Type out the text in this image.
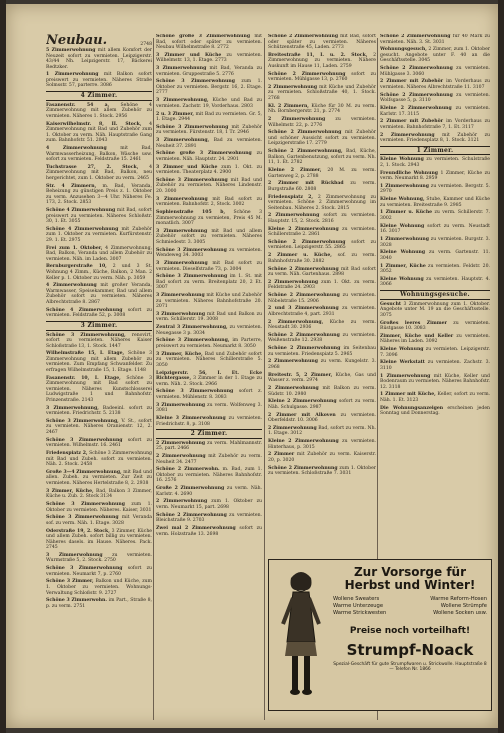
Neubau.	2748
5 Zimmerwohnung mit allem Komfort der Neuzeit sofort zu vermieten. Leipzigerstr. 43/44 Nh. Leipzigerstr. 17, Bäckerei Redtzker.
1 Zimmerwohnung mit Balkon sofort preiswert zu vermieten. Näheres Straße Solmsstr. 57, parterre. 3086
4 Zimmer.
Fasanenstr. 54 a, Sehöne 4 Zimmerwohnung mit allem Zubehör zu vermieten. Näheres 1. Stock. 2956
Kaiserwilhelmstr. 8, II. Stock, 4 Zimmerwohnung mit Bad und Zubehör zum 1. Oktober zu verm. Näh. Hauptstraße Gang zum. Bahnhofstr. 51. 2043
4 Zimmerwohnung mit Bad, Warmwasserheizung, Balkon, Wäsche usw. sofort zu vermieten. Feldstraße 15. 2461
Tuchstrasse 27, 2. Stock, 4 Zimmerwohnung mit Bad, Balkon, neu hergerichtet, zum 1. Oktober zu verm. 2465
Str. 4 Zimmern, m. Bad, Veranda, Beheizung zu günstigen Preis z. 1. Oktober zu verm. Anzusehen 3—4 Uhr. Näheres Fe. 173, 2. Stock. 2853
Schöne 4 Zimmerwohnung mit Bad, sofort preiswert zu vermieten. Näheres Schloßstr. 30, 1. Et. 3055
Schöne 4 Zimmerwohnung mit Zubehör zum 1. Oktober zu vermieten. Kurfürstenstr. 29. 1. Et. 2975
Frei zum 1. Oktober, 4 Zimmerwohnung, Bad, Balkon, Veranda und allem Zubehör zu vermieten. Näh. im Laden. 3007
Bernburgerstraße 10, 2 und 3 St. Wohnung 4 Zimm., Küche, Balkon, 2 Man. 2 Keller p. 1. Oktober zu verm. Näh. p. 3059
4 Zimmerwohnung mit großer Veranda, Warmwasser, Speisekammer, Bad und allem Zubehör sofort zu vermieten. Näheres Albrechtstraße 8. 2867
Schöne 4 Zimmerwohnung sofort zu vermieten. Feldstraße 52, p. 3008
3 Zimmer.
Schöne 3 Zimmerwohnung, renovirt, sofort zu vermieten. Näheres Kaiser Schloßstraße 13, 1. Stock. 1447
Wilhelmstraße 15, I. Etage, Schöne 3 Zimmerwohnung mit allem Zubehör zu vermieten. Zum Empfang Schwanfelder. Zu erfragen Wilhelmstraße 15, 1. Etage. 1148
Fasanenstr. 10, I. Etage, Schöne 3 Zimmerwohnung mit Bad sofort zu vermieten. Näheres Kunstschlosserei Ludwigstraße 1 und Bahnhofstr. Prinzenstraße. 2143
3 Zimmerwohnung, Badeeinl. sofort zu vermieten. Friedrichstr. 5. 2138
Schöne 3 Zimmerwohnung, V. St., sofort zu vermieten. Näheres Oranienstr. 12, 2. 2467
Schöne 3 Zimmerwohnung sofort zu vermieten. Wilhelmstr. 16. 2461
Friedenspiatz 2, Schöne 3 Zimmerwohnung mit Bad und Zubeh. sofort zu vermieten. Näh. 2. Stock. 2458
Große 3—4 Zimmerwohnung, mit Bad und allen. Zubeh. zu vermieten. Zur Zeit zu vermieten. Näheres Hertelstraße 8, 2. 2938
3 Zimmer, Küche, Bad, Balkon 3 Zimmer, Küche u. Zub. 2. Stock 3134
Schöne 3 Zimmerwohnung zum 1. Oktober zu vermieten. Näheres. Kaiser, 3031
Schöne 3 Zimmerwohnung mit Veranda sof. zu verm. Näh. 1. Etage. 3028
Oderstraße 19, 2. Stock, 3 Zimmer, Küche und allem Zubeh. sofort billig zu vermieten. Näheres dasels. im Hause. Näheres. Pack. 2745
3 Zimmerwohnung zu vermieten. Wurmstraße 5, 2. Stock. 2750
Schöne 3 Zimmerwohnung sofort zu vermieten. Neumarkt 7, p. 2760
Schöne 3 Zimmer, Balkon und Küche, zum 1. Oktober zu vermieten. Wohnungs-Verwaltung Schloßstr. 9. 2727
Schöne 3 Zimmerwohn. im Part., Straße 8, p. zu verm. 2751
Schöne große 3 Zimmerwohnung mit Bad, sofort oder später zu vermieten. Neubau Wilhelmstraße 8. 2772
3 Zimmer und Küche zu vermieten. Wilhelmstr. 13, 1. Etage. 2773
3 Zimmerwohnung mit Bad, Veranda zu vermieten. Gruppestraße 5. 2776
Schöne 3 Zimmerwohnung zum 1. Oktober zu vermieten. Bergstr. 16, 2. Etage. 2777
3 Zimmerwohnung, Küche und Bad zu vermieten. Zachstr. 19, Vorderhaus. 2803
2 u. 3 Zimmer, mit Bad zu vermieten. Gr. 5, 1. Etage. 2944
Schöne 3 Zimmerwohnung mit Zubehör zu vermieten. Fürstenstr. 18, 1 Tr. 2946
3 Zimmerwohnung, Bad zu vermieten. Neuheit 37. 2891
Schöne große 3 Zimmerwohnung zu vermieten. Näh. Hauptstr. 24. 2901
3 Zimmer und Küche zum 1. Okt. zu vermieten. Theaterplatz 4. 2900
Schöne 3 Zimmerwohnung mit Bad und Zubehör zu vermieten. Näheres Lindenstr. 20. 3000
3 Zimmerwohnung mit Bad sofort zu vermieten. Bahnhofstr. 2, Stock. 3002
Sophienstraße 105 b, Schöne 3 Zimmerwohnung zu vermieten, Preis 45 M. monatlich. 3007
3 Zimmerwohnung mit Bad und allem Zubehör sofort zu vermieten. Näheres Schmiedestr. 3. 3005
Schöne 3 Zimmerwohnung zu vermieten. Wendeweg 34. 3003
3 Zimmerwohnung mit Bad sofort zu vermieten. Dieselfstraße 73, p. 3004
Schöne 3 Zimmerwohnung im 1. St. mit Bad sofort zu verm. Breitenplatz 20, 2 Et. 3007
3 Zimmerwohnung mit Küche und Zubehör zu vermieten. Näheres Bahnhofstraße 20. 2071
3 Zimmerwohnung mit Bad und Balkon zu verm. Schillerstr. 19. 3008
Zentral 3 Zimmerwohnung, zu vermieten. Neuegasse 3 p. 3034
Schöne 3 Zimmerwohnung, im Parterre, preiswert zu vermieten. Neumarkt 8. 3050
3 Zimmer, Küche, Bad und Zubehör sofort zu vermieten. Näheres Schillerstraße 5. 3050
Leipzigerstr. 56, I. Et. Ecke Richtergasse, 3 Zimmer in der 1. Etage zu verm. Näh. 2. Stock. 2966
Schöne 3 Zimmerwohnung sofort z. vermieten. Mühlenstr. 8. 3083
3 Zimmerwohnung zu verm. Wolfenweg 3. 3081
Kleine 3 Zimmerwohnung zu vermieten. Friedrichstr. 8, p. 3108
2 Zimmer.
2 Zimmerwohnung zu verm. Mahlmannstr. 25, part. 2466
2 Zimmerwohnung mit Zubehör zu verm. Neuheit 34. 2477
Schöne 2 Zimmerwohn. m. Bad, zum 1. Oktober zu vermieten. Näheres Bahnhofstr. 16. 2576
Große 2 Zimmerwohnung zu verm. Näh. Karlstr. 4. 2690
2 Zimmerwohnung zum 1. Oktober zu verm. Neumarkt 15, part. 2698
Schöne 2 Zimmerwohnung zu vermieten. Bleichstraße 9. 2703
Zwei mal 2 Zimmerwohnung sofort zu verm. Holzstraße 13. 2698
Schöne 2 Zimmerwohnung mit Bad, sofort oder später zu vermieten. Näheres Schützenstraße 45, Laden. 2773
Breitestraße 11, I. u. 2. Stock, 2 Zimmerwohnung zu vermieten. Nähere Auskunft im Hause 11, Laden. 2759
Schöne 2 Zimmerwohnung sofort zu vermieten. Mühlgasse 13, p. 2760
2 Zimmerwohnung mit Küche und Zubehör zu vermieten. Schloßstraße 40, 1. Stock. 2768
Kl. 2 Zimmern, Küche für 30 M. zu verm. Nh. Bornbergerstr. 21, p. 2774
2 Zimmerwohnung zu vermieten. Wilhelmstr. 22, p. 2776
Schöne 2 Zimmerwohnung mit Zubehör und schöner Aussicht sofort zu vermieten. Leipzigerstraße 17. 2779
Schöne 2 Zimmerwohnung, Bad, Küche, Balkon, Gartenbenutzung, sofort zu verm. Nh. 11, 1. Et. 2782
Kleine 2 Zimmer, 20 M. zu verm. Gartenweg 2, p. 2788
2 Zimmer mit Rückbad zu verm. Burgstraße 60. 2808
Friedenspiatz 2, 2 Zimmerwohnung zu vermieten. Schöne 2 Zimmerwohnung im Seitenbau. Näheres 2. Stock. 2815
2 Zimmerwohnung sofort zu vermieten. Hauptstr. 15, 2. Stock. 2816
Kleine 2 Zimmerwohnung zu vermieten. Schillerstraße 2. 2861
Schöne 2 Zimmerwohnung sofort zu vermieten. Leipzigerstr. 55. 2865
2 Zimmer u. Küche, sof. zu verm. Bahnhofstraße 30. 2882
Schöne 2 Zimmerwohnung mit Bad sofort zu verm. Näh. Gartenhaus. 2898
2 Zimmerwohnung zum 1. Okt. zu verm. Feldstraße 24. 2903
Schöne 2 Zimmerwohnung zu vermieten. Nöbelstraße 15. 2906
2 und 3 Zimmerwohnung zu vermieten. Albrechtstraße 4, part. 2931
2 Zimmerwohnung, Küche zu verm. Neustadt 30. 2936
Schöne 2 Zimmerwohnung zu vermieten. Weißenstraße 12. 2938
Schöne 2 Zimmerwohnung im Seitenbau zu vermieten. Friedenspiatz 5. 2965
2 Zimmerwohnung zu verm. Kungelstr. 3. 2968
Breitestr. 5, 2 Zimmer, Küche, Gas und Wasser z. verm. 2974
2 Zimmerwohnung mit Balkon zu verm. Südstr. 10. 2980
Kleine 2 Zimmerwohnung sofort zu verm. Näh. Schulgasse. 2987
2 Zimmer mit Alkoven zu vermieten. Oberfeldstr. 10. 3006
2 Zimmerwohnung Bad, sofort zu verm. Nh. 1. Etage. 3012
Kleine 2 Zimmerwohnung zu vermieten. Hinterhaus, p. 3015
2 Zimmer mit Zubehör zu verm. Kaiserstr. 20, p. 3020
Schöne 2 Zimmerwohnung zum 1. Oktober zu vermieten. Schloßstraße 7. 3031
Schöne 2 Zimmerwohnung für 40 Mark zu vermieten. Näh. 3. St. 3031
Wohnungsgesuch, 2 Zimmer, zum 1. Oktober gesucht. Angebote unter F. 40 an die Geschäftsstelle. 3045
Schöne 2 Zimmerwohnung zu vermieten. Mühlgasse 3. 3060
2 Zimmer mit Zubehör im Vorderhaus zu vermieten. Näheres Albrechtstraße 11. 3107
Schöne 2 Zimmerwohnung zu vermieten. Wolfsgasse 5, p. 3110
Kleine 2 Zimmerwohnung zu vermieten. Karlstr. 17. 3115
2 Zimmer mit Zubehör im Vorderhaus zu vermieten. Bahnhofstraße 7, 1. Et. 3117
2 Zimmerwohnung mit Zubehör zu vermieten. Friedensplatz 8, 1. Stock. 3121
1 Zimmer.
Kleine Wohnung zu vermieten. Schulstraße 2, 1. Stock. 2943
Freundliche Wohnung 1 Zimmer, Küche zu verm. Neumarkt 8. 2959
1 Zimmerwohnung zu vermieten. Bergstr. 5. 2970
Kleine Wohnung, Stube, Kammer und Küche zu vermieten. Breitestraße 9. 2985
1 Zimmer u. Küche zu verm. Schillerstr. 7. 3002
Kleine Wohnung sofort zu verm. Neustadt 16. 3017
1 Zimmerwohnung zu vermieten. Burgstr. 3. 3028
Kleine Wohnung zu verm. Gartenstr. 11. 3040
1 Zimmer, Küche zu vermieten. Feldstr. 20. 3052
Kleine Wohnung zu vermieten. Hauptstr. 4. 3066
Wohnungsgesuche.
Gesucht 3 Zimmerwohnung zum 1. Oktober. Angebote unter M. 19 an die Geschäftsstelle. 3075
Großes leeres Zimmer zu vermieten. Rüstgasse 10. 3083
Zimmer, Küche und Keller zu vermieten. Näheres im Laden. 3092
Kleine Wohnung zu vermieten. Leipzigerstr. 7. 3096
Kleine Werkstatt zu vermieten. Zachstr. 3. 3110
1 Zimmerwohnung mit Küche, Keller und Bodenraum zu vermieten. Näheres Bahnhofstr. 12. 3118
1 Zimmer mit Küche, Keller, sofort zu verm. Näh. 1. Et. 3123
Die Wohnungsanzeigen erscheinen jeden Sonntag und Donnerstag.
Zur Vorsorge für
Herbst und Winter!
Wollene Sweaters	Warme Reform-Hosen
Warme Unterzeuge	Wollene Strümpfe
Warme Strickwesten	Wollene Socken usw.
Preise noch vorteilhaft!
Strumpf-Noack
Spezial-Geschäft für gute Strumpfwaren u. Strickwolle. Hauptstraße 8 — Telefon Nr. 1866
